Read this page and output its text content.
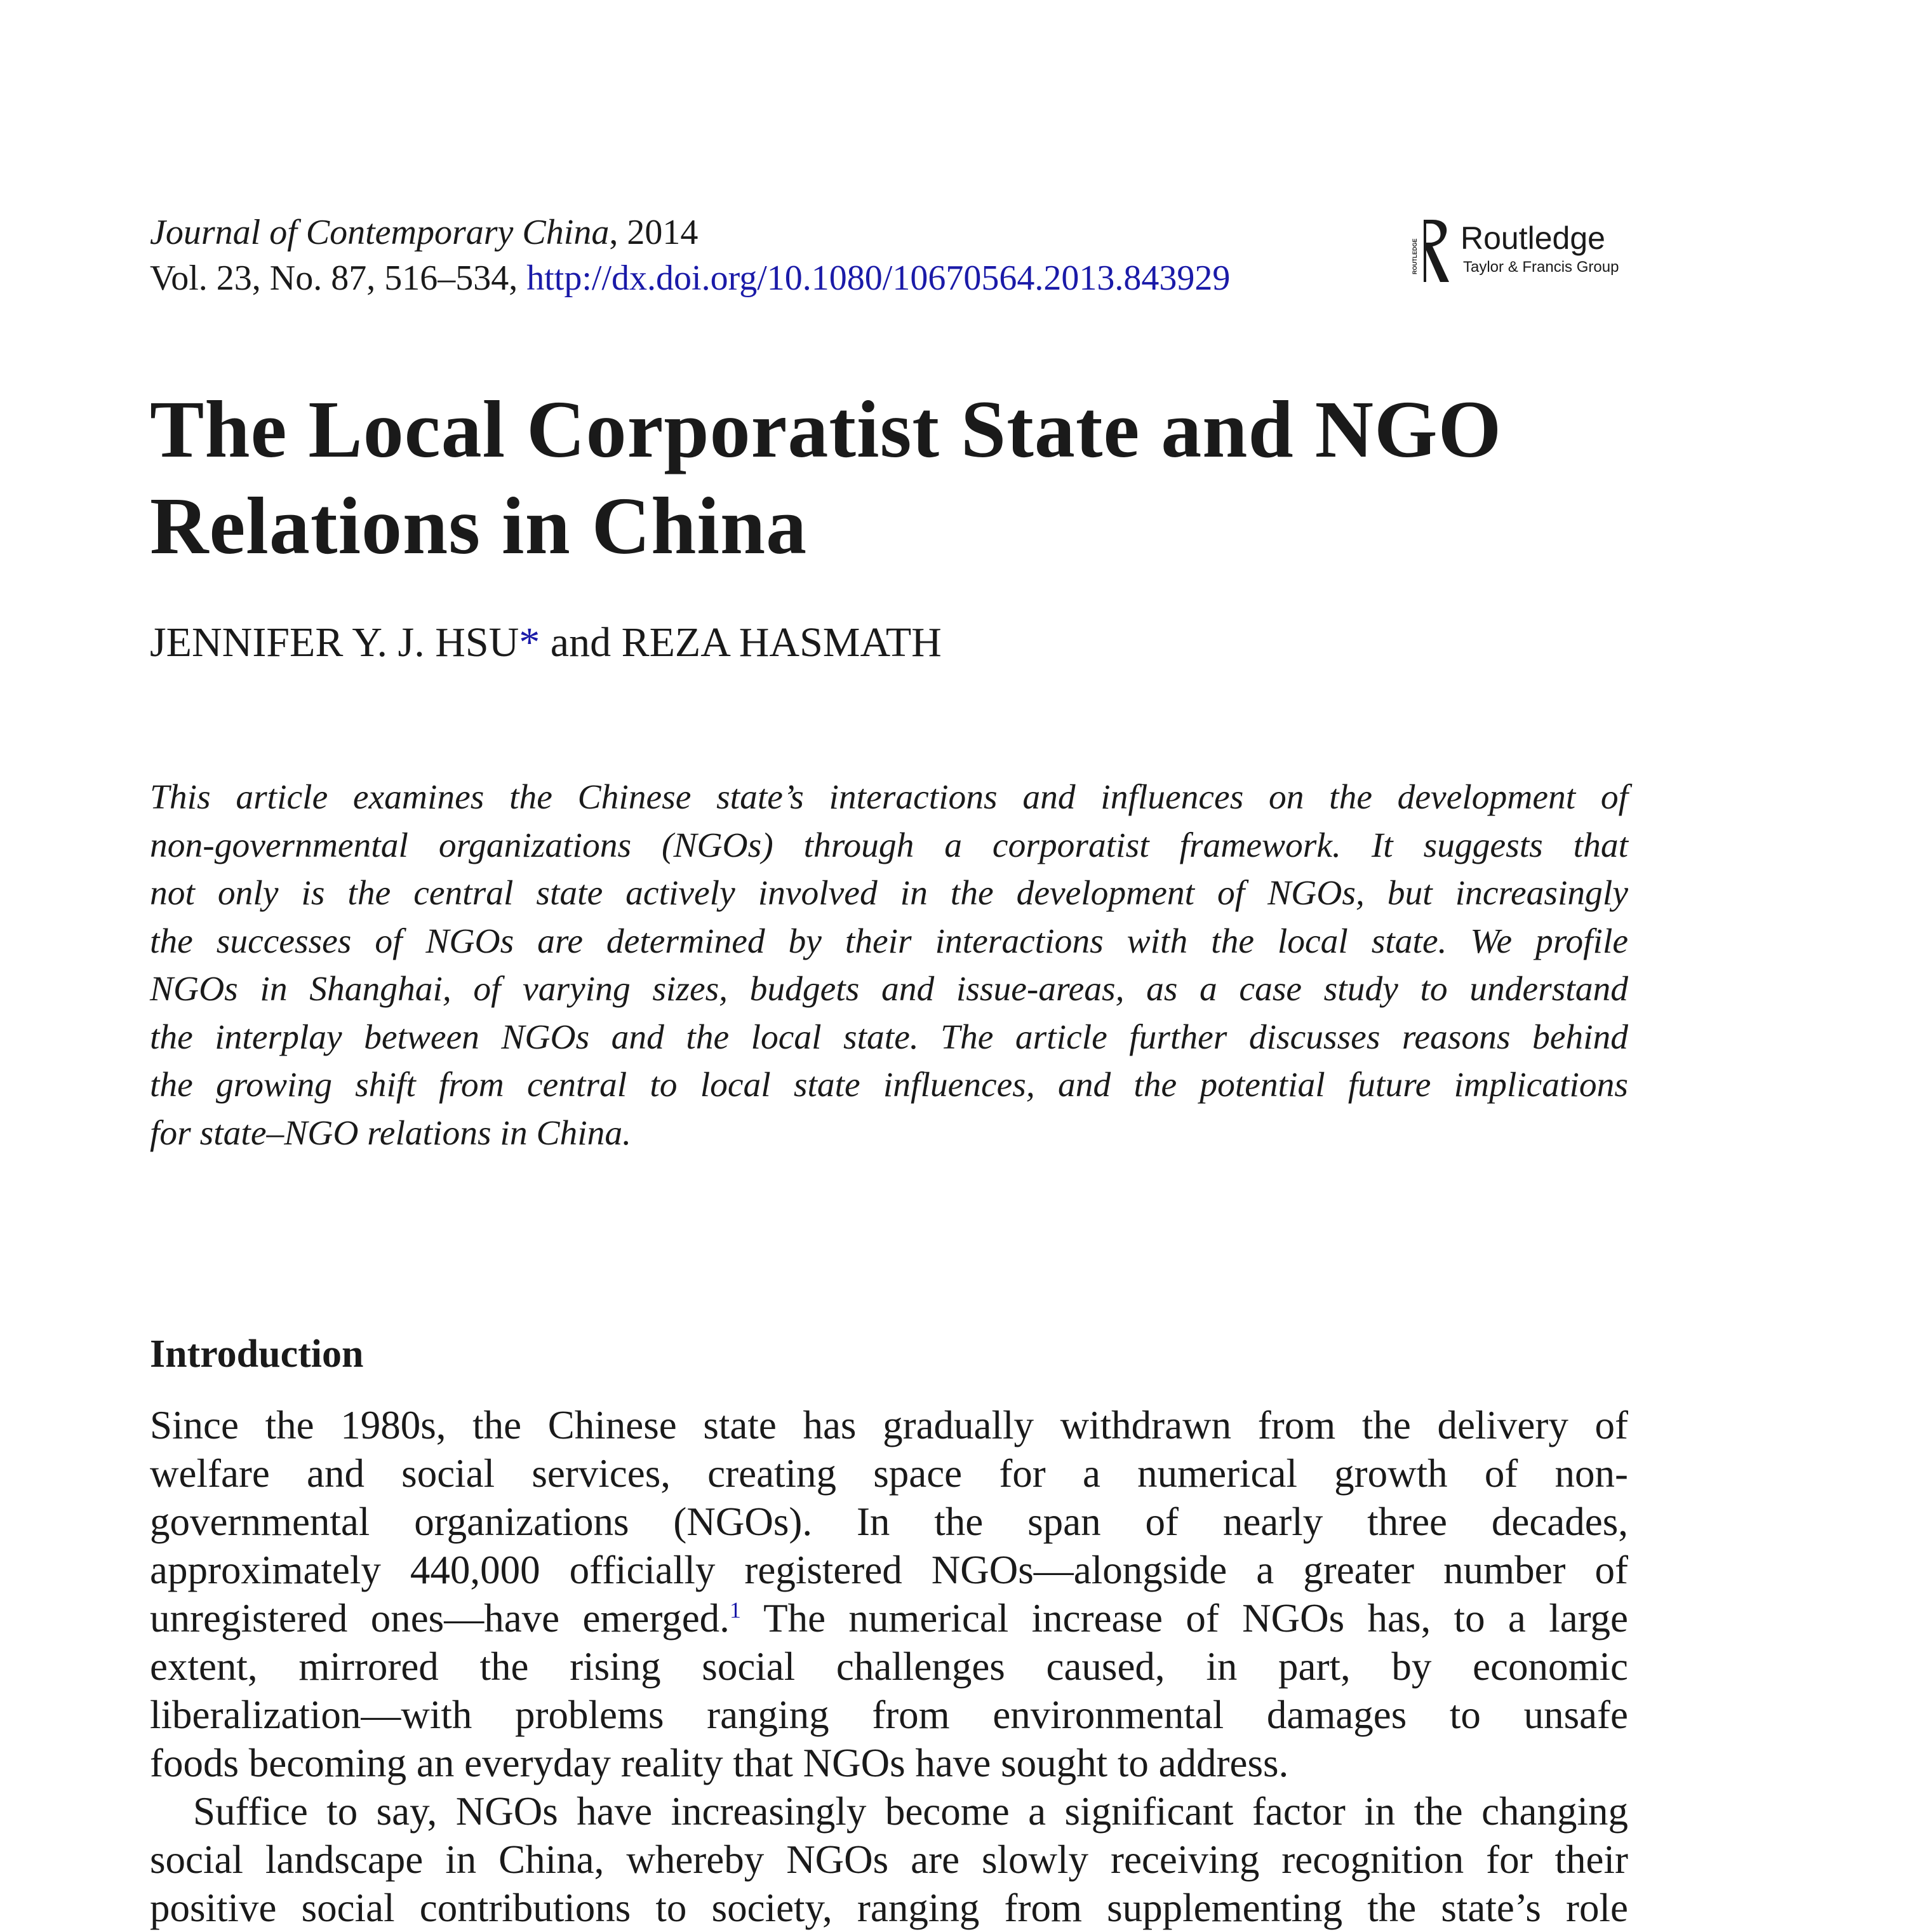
Journal of Contemporary China, 2014
Vol. 23, No. 87, 516–534, http://dx.doi.org/10.1080/10670564.2013.843929
ROUTLEDGE
Routledge
Taylor & Francis Group
The Local Corporatist State and NGO
Relations in China
JENNIFER Y. J. HSU* and REZA HASMATH
This article examines the Chinese state’s interactions and influences on the development of
non-governmental organizations (NGOs) through a corporatist framework. It suggests that
not only is the central state actively involved in the development of NGOs, but increasingly
the successes of NGOs are determined by their interactions with the local state. We profile
NGOs in Shanghai, of varying sizes, budgets and issue-areas, as a case study to understand
the interplay between NGOs and the local state. The article further discusses reasons behind
the growing shift from central to local state influences, and the potential future implications
for state–NGO relations in China.
Introduction
Since the 1980s, the Chinese state has gradually withdrawn from the delivery of
welfare and social services, creating space for a numerical growth of non-
governmental organizations (NGOs). In the span of nearly three decades,
approximately 440,000 officially registered NGOs—alongside a greater number of
unregistered ones—have emerged.$^1$ The numerical increase of NGOs has, to a large
extent, mirrored the rising social challenges caused, in part, by economic
liberalization—with problems ranging from environmental damages to unsafe
foods becoming an everyday reality that NGOs have sought to address.
Suffice to say, NGOs have increasingly become a significant factor in the changing
social landscape in China, whereby NGOs are slowly receiving recognition for their
positive social contributions to society, ranging from supplementing the state’s role
